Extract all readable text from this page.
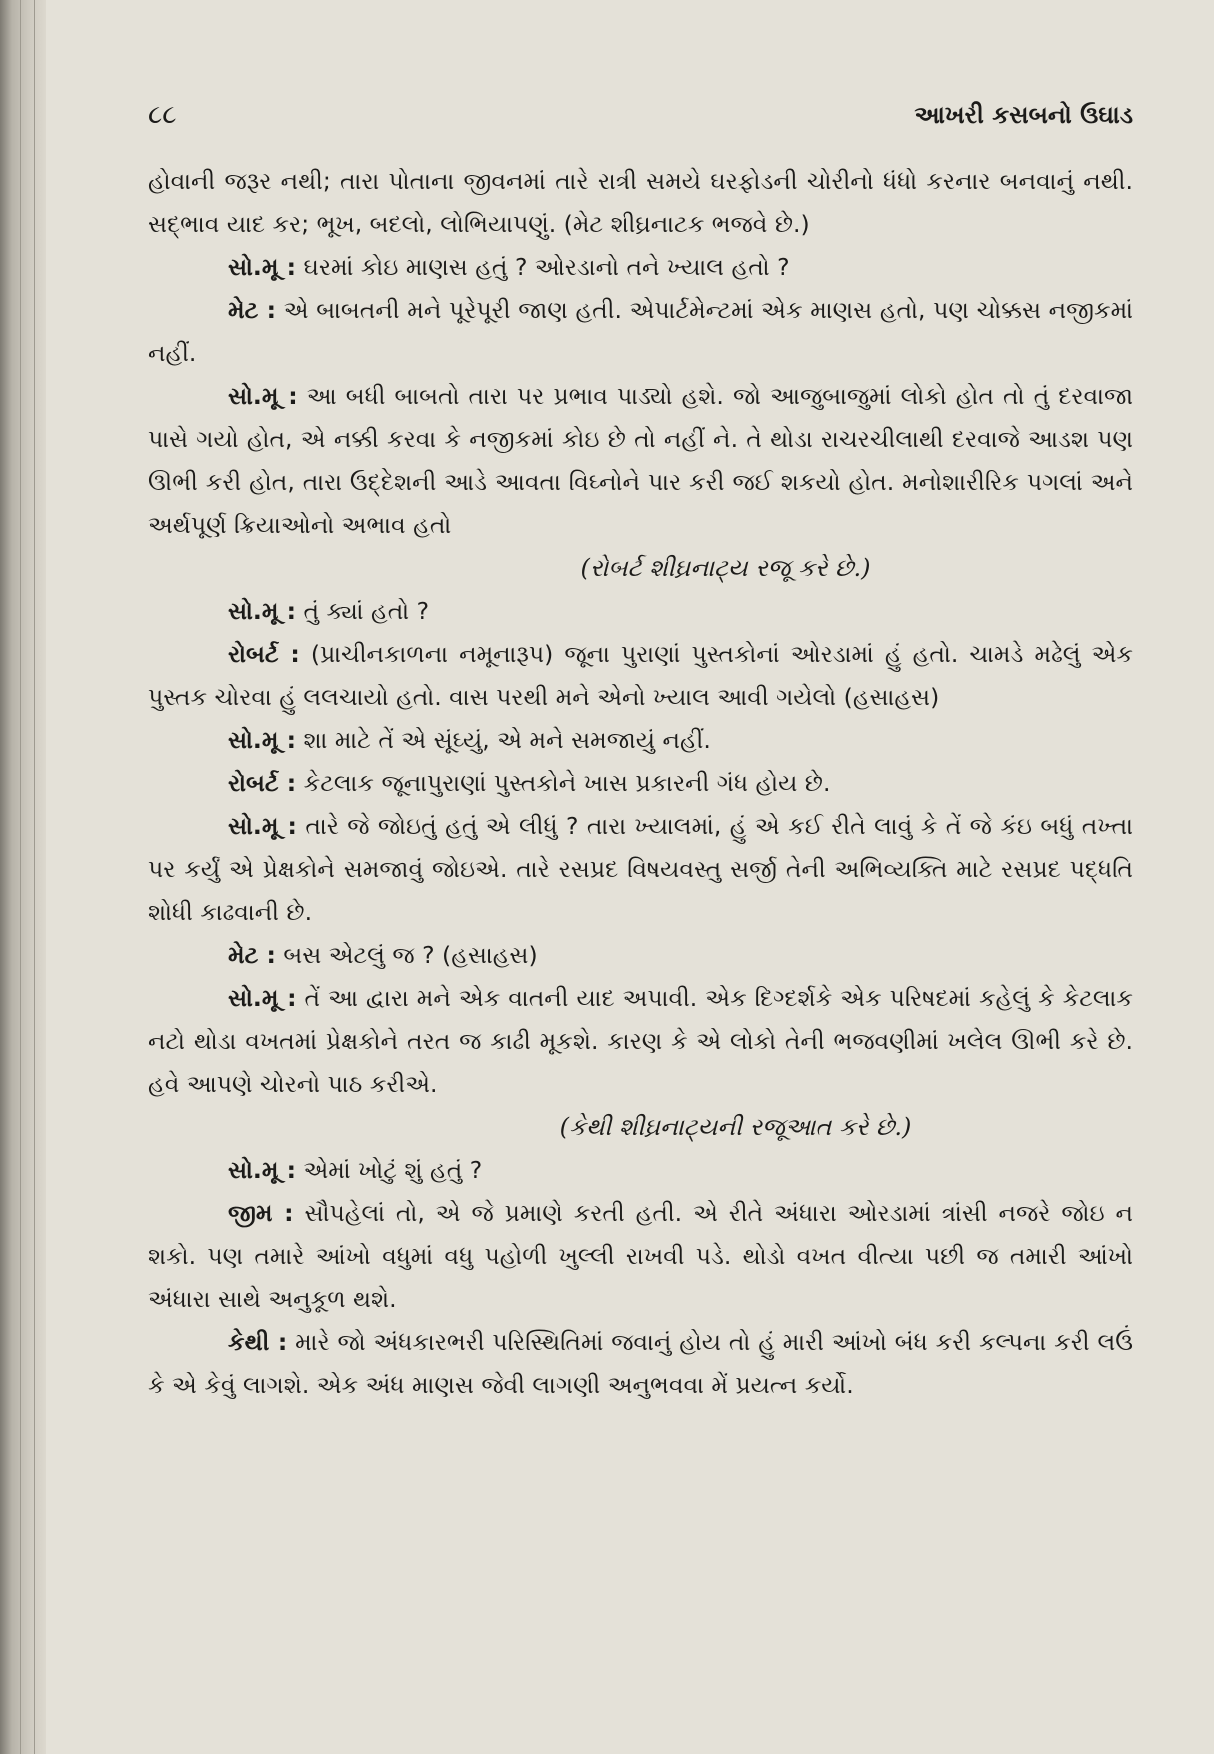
૮૮	આખરી કસબનો ઉઘાડ

હોવાની જરૂર નથી; તારા પોતાના જીવનમાં તારે રાત્રી સમયે ઘરફોડની ચોરીનો ધંધો કરનાર બનવાનું નથી. સદ્ભાવ યાદ કર; ભૂખ, બદલો, લોભિયાપણું. (મેટ શીઘ્રનાટક ભજવે છે.)

સો.મૂ : ઘરમાં કોઇ માણસ હતું ? ઓરડાનો તને ખ્યાલ હતો ?

મેટ : એ બાબતની મને પૂરેપૂરી જાણ હતી. એપાર્ટમેન્ટમાં એક માણસ હતો, પણ ચોક્કસ નજીકમાં નહીં.

સો.મૂ : આ બધી બાબતો તારા પર પ્રભાવ પાડ્યો હશે. જો આજુબાજુમાં લોકો હોત તો તું દરવાજા પાસે ગયો હોત, એ નક્કી કરવા કે નજીકમાં કોઇ છે તો નહીં ને. તે થોડા રાચરચીલાથી દરવાજે આડશ પણ ઊભી કરી હોત, તારા ઉદ્દેશની આડે આવતા વિઘ્નોને પાર કરી જઈ શકયો હોત. મનોશારીરિક પગલાં અને અર્થપૂર્ણ ક્રિયાઓનો અભાવ હતો

(રોબર્ટ શીઘ્રનાટ્ય રજૂ કરે છે.)

સો.મૂ : તું ક્યાં હતો ?

રોબર્ટ : (પ્રાચીનકાળના નમૂનારૂપ) જૂના પુરાણાં પુસ્તકોનાં ઓરડામાં હું હતો. ચામડે મઢેલું એક પુસ્તક ચોરવા હું લલચાયો હતો. વાસ પરથી મને એનો ખ્યાલ આવી ગયેલો (હસાહસ)

સો.મૂ : શા માટે તેં એ સૂંઘ્યું, એ મને સમજાયું નહીં.

રોબર્ટ : કેટલાક જૂનાપુરાણાં પુસ્તકોને ખાસ પ્રકારની ગંધ હોય છે.

સો.મૂ : તારે જે જોઇતું હતું એ લીધું ? તારા ખ્યાલમાં, હું એ કઈ રીતે લાવું કે તેં જે કંઇ બધું તખ્તા પર કર્યું એ પ્રેક્ષકોને સમજાવું જોઇએ. તારે રસપ્રદ વિષયવસ્તુ સર્જી તેની અભિવ્યક્તિ માટે રસપ્રદ પદ્ધતિ શોધી કાઢવાની છે.

મેટ : બસ એટલું જ ? (હસાહસ)

સો.મૂ : તેં આ દ્વારા મને એક વાતની યાદ અપાવી. એક દિગ્દર્શકે એક પરિષદમાં કહેલું કે કેટલાક નટો થોડા વખતમાં પ્રેક્ષકોને તરત જ કાઢી મૂકશે. કારણ કે એ લોકો તેની ભજવણીમાં ખલેલ ઊભી કરે છે. હવે આપણે ચોરનો પાઠ કરીએ.

(કેથી શીઘ્રનાટ્યની રજૂઆત કરે છે.)

સો.મૂ : એમાં ખોટું શું હતું ?

જીમ : સૌપહેલાં તો, એ જે પ્રમાણે કરતી હતી. એ રીતે અંધારા ઓરડામાં ત્રાંસી નજરે જોઇ ન શકો. પણ તમારે આંખો વધુમાં વધુ પહોળી ખુલ્લી રાખવી પડે. થોડો વખત વીત્યા પછી જ તમારી આંખો અંધારા સાથે અનુકૂળ થશે.

કેથી : મારે જો અંધકારભરી પરિસ્થિતિમાં જવાનું હોય તો હું મારી આંખો બંધ કરી કલ્પના કરી લઉં કે એ કેવું લાગશે. એક અંધ માણસ જેવી લાગણી અનુભવવા મેં પ્રયત્ન કર્યો.
